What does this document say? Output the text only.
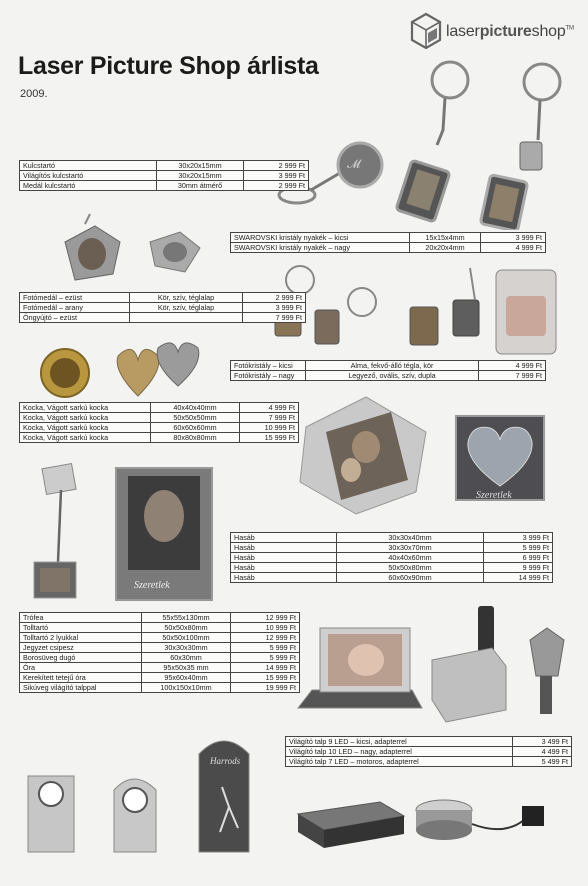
laserpictureshop™
Laser Picture Shop árlista
2009.
𝓜
Szeretlek
Szeretlek
Harrods
Kulcstartó	30x20x15mm	2 999 Ft
Világítós kulcstartó	30x20x15mm	3 999 Ft
Medál kulcstartó	30mm átmérő	2 999 Ft
SWAROVSKI kristály nyakék – kicsi	15x15x4mm	3 999 Ft
SWAROVSKI kristály nyakék – nagy	20x20x4mm	4 999 Ft
Fotómedál – ezüst	Kör, szív, téglalap	2 999 Ft
Fotómedál – arany	Kör, szív, téglalap	3 999 Ft
Öngyújtó – ezüst		7 999 Ft
Fotókristály – kicsi	Alma, fekvő-álló tégla, kör	4 999 Ft
Fotókristály – nagy	Legyező, ovális, szív, dupla	7 999 Ft
Kocka, Vágott sarkú kocka	40x40x40mm	4 999 Ft
Kocka, Vágott sarkú kocka	50x50x50mm	7 999 Ft
Kocka, Vágott sarkú kocka	60x60x60mm	10 999 Ft
Kocka, Vágott sarkú kocka	80x80x80mm	15 999 Ft
Hasáb	30x30x40mm	3 999 Ft
Hasáb	30x30x70mm	5 999 Ft
Hasáb	40x40x60mm	6 999 Ft
Hasáb	50x50x80mm	9 999 Ft
Hasáb	60x60x90mm	14 999 Ft
Trófea	55x55x130mm	12 999 Ft
Tolltartó	50x50x80mm	10 999 Ft
Tolltartó 2 lyukkal	50x50x100mm	12 999 Ft
Jegyzet csipesz	30x30x30mm	5 999 Ft
Borosüveg dugó	60x30mm	5 999 Ft
Óra	95x50x35 mm	14 999 Ft
Kerekített tetejű óra	95x60x40mm	15 999 Ft
Sikúveg világító talppal	100x150x10mm	19 999 Ft
Világító talp 9 LED – kicsi, adapterrel	3 499 Ft
Világító talp 10 LED – nagy, adapterrel	4 499 Ft
Világító talp 7 LED – motoros, adapterrel	5 499 Ft
